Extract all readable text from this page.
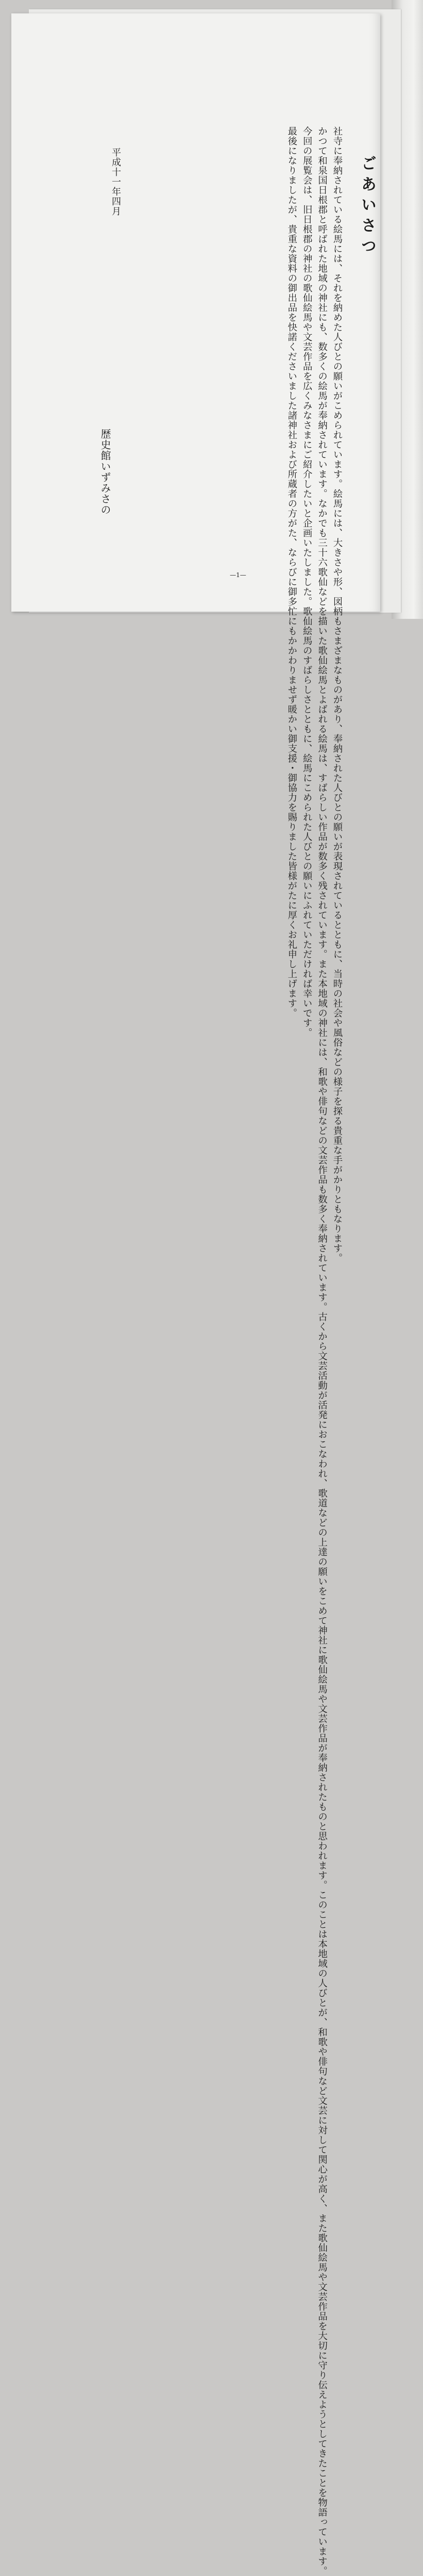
ごあいさつ
　社寺に奉納されている絵馬には、それを納めた人びとの願いがこめられています。絵馬には、大きさや形、図柄もさまざまなものがあり、奉納された人びとの願いが表現されているとともに、当時の社会や風俗などの様子を探る貴重な手がかりともなります。
　かつて和泉国日根郡と呼ばれた地域の神社にも、数多くの絵馬が奉納されています。なかでも三十六歌仙などを描いた歌仙絵馬とよばれる絵馬は、すばらしい作品が数多く残されています。また本地域の神社には、和歌や俳句などの文芸作品も数多く奉納されています。古くから文芸活動が活発におこなわれ、歌道などの上達の願いをこめて神社に歌仙絵馬や文芸作品が奉納されたものと思われます。このことは本地域の人びとが、和歌や俳句など文芸に対して関心が高く、また歌仙絵馬や文芸作品を大切に守り伝えようとしてきたことを物語っています。
　今回の展覧会は、旧日根郡の神社の歌仙絵馬や文芸作品を広くみなさまにご紹介したいと企画いたしました。歌仙絵馬のすばらしさとともに、絵馬にこめられた人びとの願いにふれていただければ幸いです。
　最後になりましたが、貴重な資料の御出品を快諾くださいました諸神社および所蔵者の方がた、ならびに御多忙にもかかわりませず暖かい御支援・御協力を賜りました皆様がたに厚くお礼申し上げます。
平成十一年四月
歴史館いずみさの
—1—
